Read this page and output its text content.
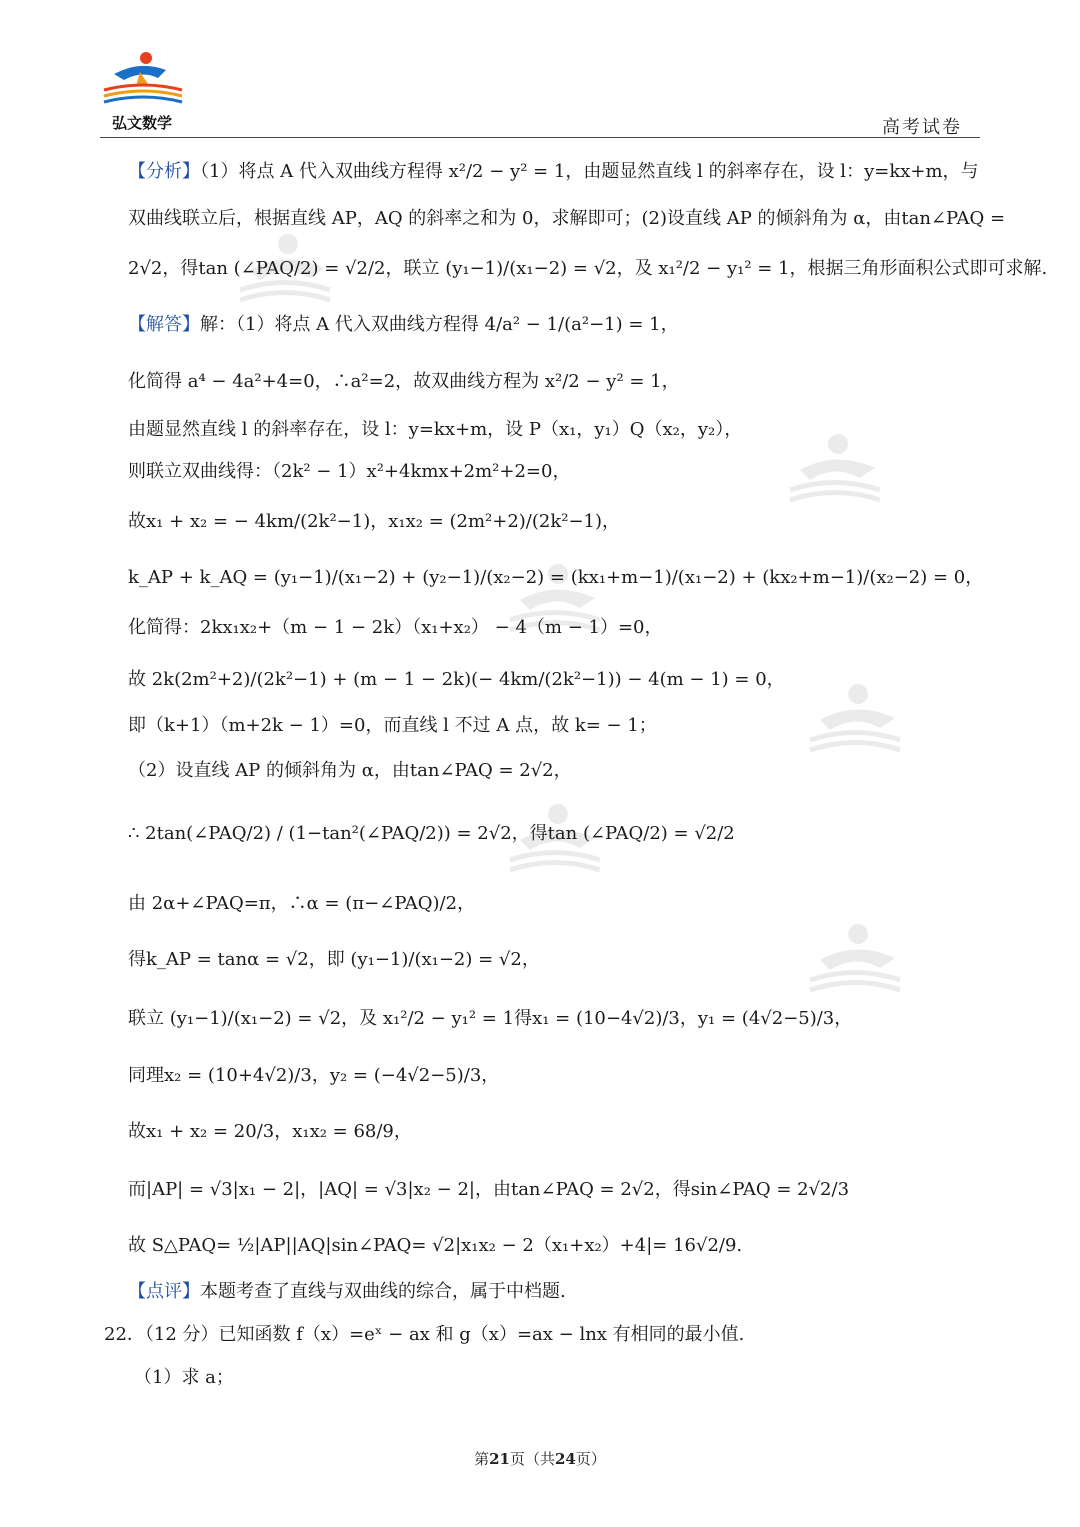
弘文数学	高考试卷
【分析】（1）将点 A 代入双曲线方程得 x²/2 − y² = 1，由题显然直线 l 的斜率存在，设 l：y=kx+m，与
双曲线联立后，根据直线 AP，AQ 的斜率之和为 0，求解即可；(2)设直线 AP 的倾斜角为 α，由tan∠PAQ =
2√2，得tan (∠PAQ/2) = √2/2，联立 (y₁−1)/(x₁−2) = √2，及 x₁²/2 − y₁² = 1，根据三角形面积公式即可求解.
【解答】解：（1）将点 A 代入双曲线方程得 4/a² − 1/(a²−1) = 1，
化简得 a⁴ − 4a²+4=0，∴a²=2，故双曲线方程为 x²/2 − y² = 1，
由题显然直线 l 的斜率存在，设 l：y=kx+m，设 P（x₁，y₁）Q（x₂，y₂），
则联立双曲线得：（2k² − 1）x²+4kmx+2m²+2=0，
故x₁ + x₂ = − 4km/(2k²−1)，x₁x₂ = (2m²+2)/(2k²−1)，
k_AP + k_AQ = (y₁−1)/(x₁−2) + (y₂−1)/(x₂−2) = (kx₁+m−1)/(x₁−2) + (kx₂+m−1)/(x₂−2) = 0，
化简得：2kx₁x₂+（m − 1 − 2k）（x₁+x₂） − 4（m − 1）=0，
故 2k(2m²+2)/(2k²−1) + (m − 1 − 2k)(− 4km/(2k²−1)) − 4(m − 1) = 0，
即（k+1）（m+2k − 1）=0，而直线 l 不过 A 点，故 k= − 1；
（2）设直线 AP 的倾斜角为 α，由tan∠PAQ = 2√2，
∴ 2tan(∠PAQ/2) / (1−tan²(∠PAQ/2)) = 2√2，得tan (∠PAQ/2) = √2/2
由 2α+∠PAQ=π，∴α = (π−∠PAQ)/2，
得k_AP = tanα = √2，即 (y₁−1)/(x₁−2) = √2，
联立 (y₁−1)/(x₁−2) = √2，及 x₁²/2 − y₁² = 1得x₁ = (10−4√2)/3，y₁ = (4√2−5)/3，
同理x₂ = (10+4√2)/3，y₂ = (−4√2−5)/3，
故x₁ + x₂ = 20/3，x₁x₂ = 68/9，
而|AP| = √3|x₁ − 2|，|AQ| = √3|x₂ − 2|，由tan∠PAQ = 2√2，得sin∠PAQ = 2√2/3
故 S△PAQ= ½|AP||AQ|sin∠PAQ= √2|x₁x₂ − 2（x₁+x₂）+4|= 16√2/9.
【点评】本题考查了直线与双曲线的综合，属于中档题.
22．（12 分）已知函数 f（x）=eˣ − ax 和 g（x）=ax − lnx 有相同的最小值.
（1）求 a；
第21页（共24页）
